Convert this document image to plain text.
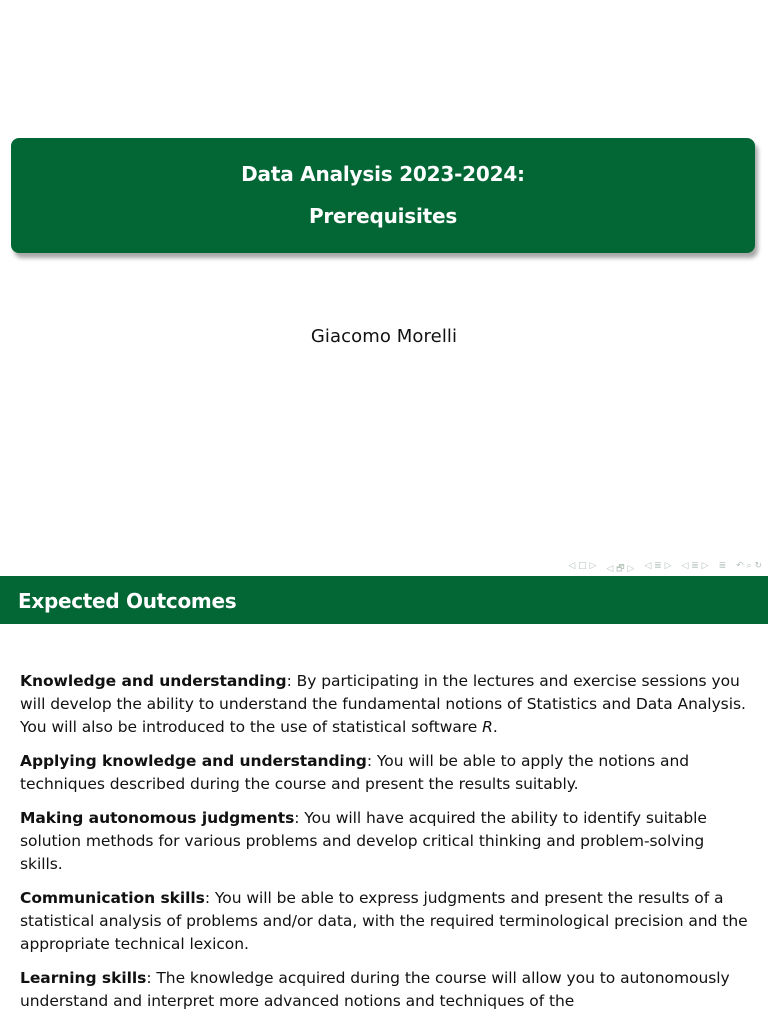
Data Analysis 2023-2024:
Prerequisites
Giacomo Morelli
◁ □ ▷ ◁ 🗗 ▷ ◁ ≣ ▷ ◁ ≣ ▷ ≣ ↶ ⌕ ↻
Expected Outcomes

Knowledge and understanding: By participating in the lectures and exercise sessions you will develop the ability to understand the fundamental notions of Statistics and Data Analysis. You will also be introduced to the use of statistical software R.

Applying knowledge and understanding: You will be able to apply the notions and techniques described during the course and present the results suitably.

Making autonomous judgments: You will have acquired the ability to identify suitable solution methods for various problems and develop critical thinking and problem-solving skills.

Communication skills: You will be able to express judgments and present the results of a statistical analysis of problems and/or data, with the required terminological precision and the appropriate technical lexicon.

Learning skills: The knowledge acquired during the course will allow you to autonomously understand and interpret more advanced notions and techniques of the
